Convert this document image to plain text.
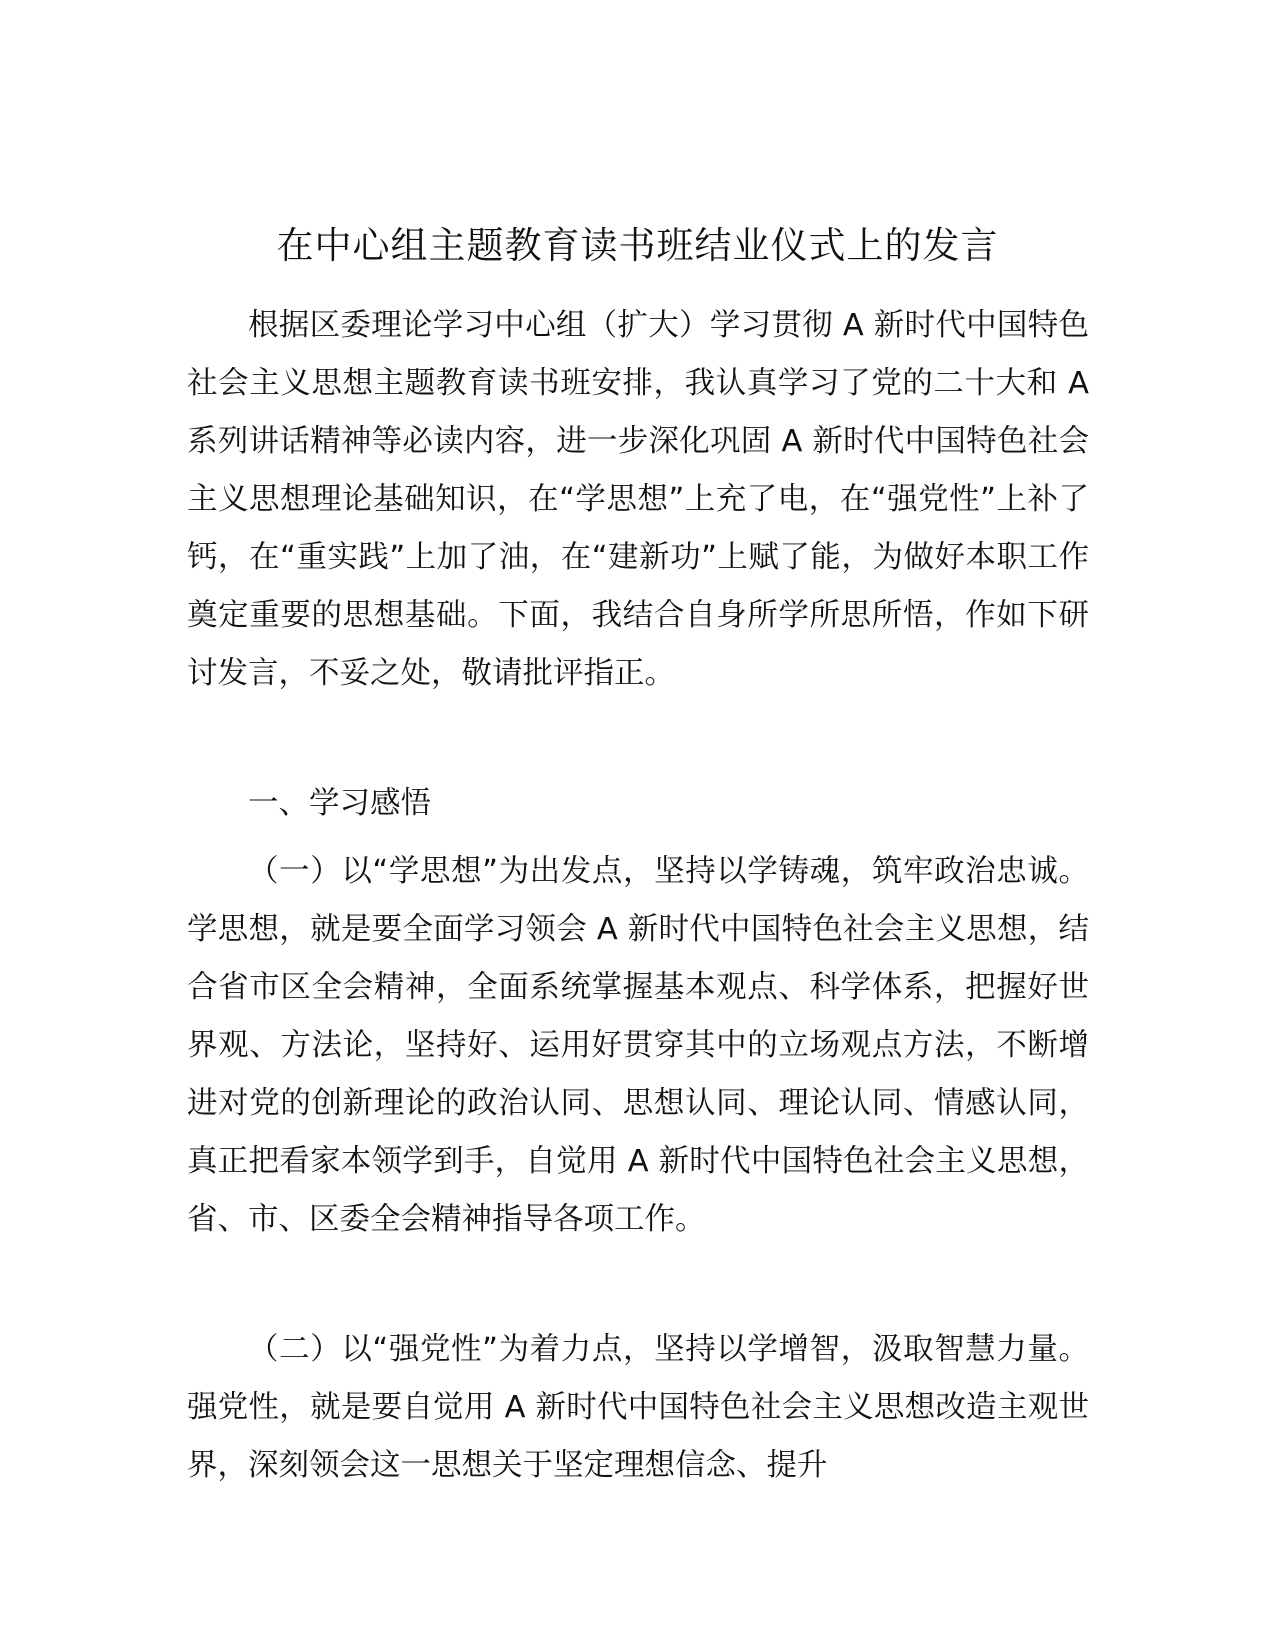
在中心组主题教育读书班结业仪式上的发言

根据区委理论学习中心组（扩大）学习贯彻 A 新时代中国特色社会主义思想主题教育读书班安排，我认真学习了党的二十大和 A 系列讲话精神等必读内容，进一步深化巩固 A 新时代中国特色社会主义思想理论基础知识，在“学思想”上充了电，在“强党性”上补了钙，在“重实践”上加了油，在“建新功”上赋了能，为做好本职工作奠定重要的思想基础。下面，我结合自身所学所思所悟，作如下研讨发言，不妥之处，敬请批评指正。

一、学习感悟

（一）以“学思想”为出发点，坚持以学铸魂，筑牢政治忠诚。学思想，就是要全面学习领会 A 新时代中国特色社会主义思想，结合省市区全会精神，全面系统掌握基本观点、科学体系，把握好世界观、方法论，坚持好、运用好贯穿其中的立场观点方法，不断增进对党的创新理论的政治认同、思想认同、理论认同、情感认同，真正把看家本领学到手，自觉用 A 新时代中国特色社会主义思想，省、市、区委全会精神指导各项工作。

（二）以“强党性”为着力点，坚持以学增智，汲取智慧力量。强党性，就是要自觉用 A 新时代中国特色社会主义思想改造主观世界，深刻领会这一思想关于坚定理想信念、提升
